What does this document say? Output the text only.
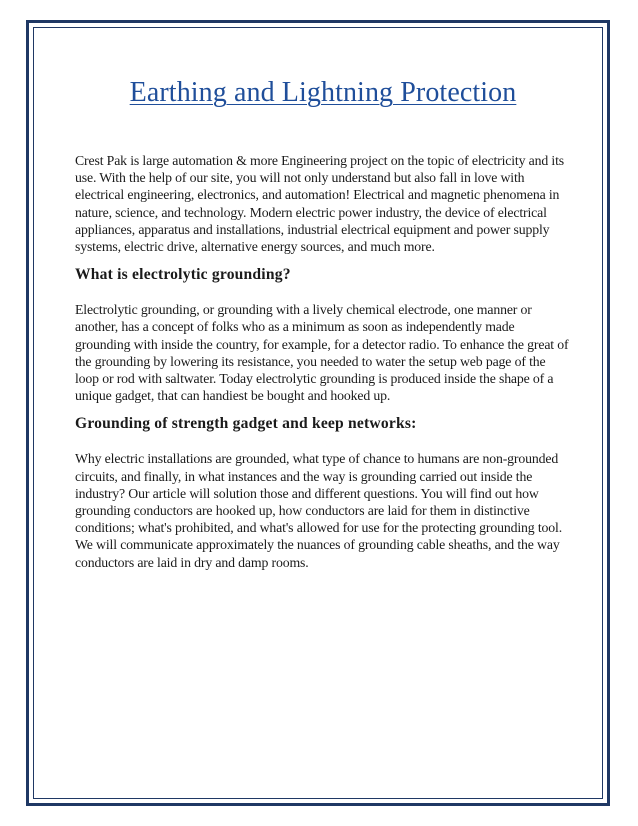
Earthing and Lightning Protection

Crest Pak is large automation & more Engineering project on the topic of electricity and its use. With the help of our site, you will not only understand but also fall in love with electrical engineering, electronics, and automation! Electrical and magnetic phenomena in nature, science, and technology. Modern electric power industry, the device of electrical appliances, apparatus and installations, industrial electrical equipment and power supply systems, electric drive, alternative energy sources, and much more.

What is electrolytic grounding?

Electrolytic grounding, or grounding with a lively chemical electrode, one manner or another, has a concept of folks who as a minimum as soon as independently made grounding with inside the country, for example, for a detector radio. To enhance the great of the grounding by lowering its resistance, you needed to water the setup web page of the loop or rod with saltwater. Today electrolytic grounding is produced inside the shape of a unique gadget, that can handiest be bought and hooked up.

Grounding of strength gadget and keep networks:

Why electric installations are grounded, what type of chance to humans are non-grounded circuits, and finally, in what instances and the way is grounding carried out inside the industry? Our article will solution those and different questions. You will find out how grounding conductors are hooked up, how conductors are laid for them in distinctive conditions; what's prohibited, and what's allowed for use for the protecting grounding tool. We will communicate approximately the nuances of grounding cable sheaths, and the way conductors are laid in dry and damp rooms.
